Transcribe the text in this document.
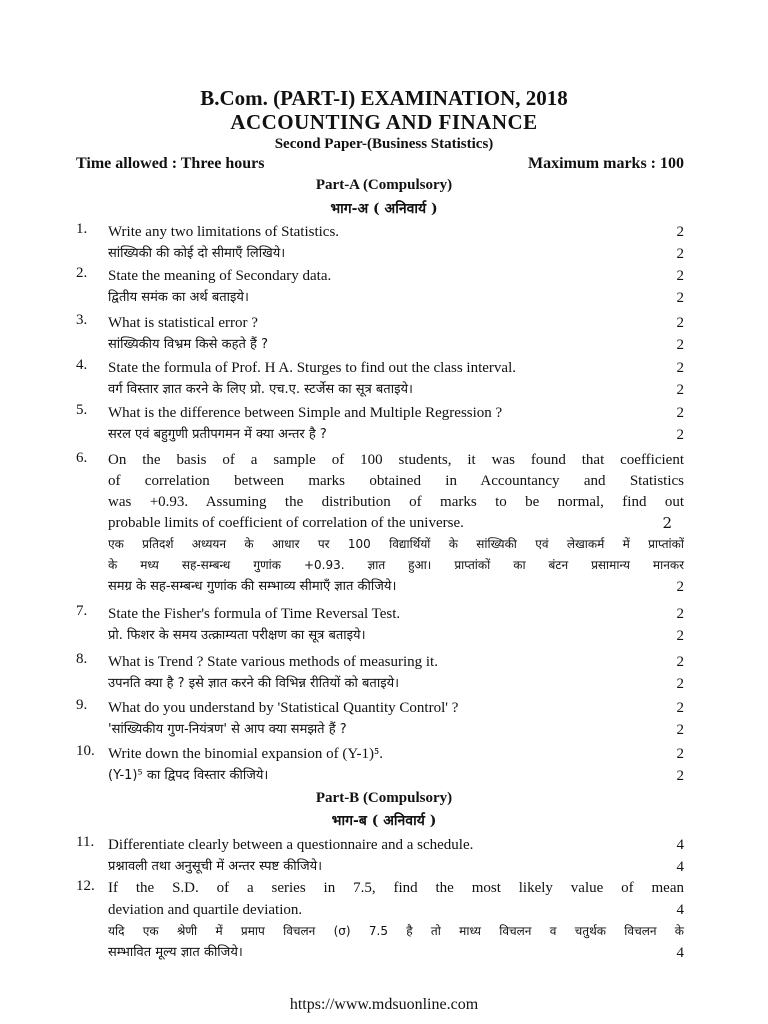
B.Com. (PART-I) EXAMINATION, 2018
ACCOUNTING AND FINANCE
Second Paper-(Business Statistics)
Time allowed : Three hours	Maximum marks : 100
Part-A (Compulsory)
भाग-अ ( अनिवार्य )
1. Write any two limitations of Statistics.	2
सांख्यिकी की कोई दो सीमाएँ लिखिये।	2
2. State the meaning of Secondary data.	2
द्वितीय समंक का अर्थ बताइये।	2
3. What is statistical error ?	2
सांख्यिकीय विभ्रम किसे कहते हैं ?	2
4. State the formula of Prof. H A. Sturges to find out the class interval.	2
वर्ग विस्तार ज्ञात करने के लिए प्रो. एच.ए. स्टर्जेस का सूत्र बताइये।	2
5. What is the difference between Simple and Multiple Regression ?	2
सरल एवं बहुगुणी प्रतीपगमन में क्या अन्तर है ?	2
6. On the basis of a sample of 100 students, it was found that coefficient
of correlation between marks obtained in Accountancy and Statistics
was +0.93. Assuming the distribution of marks to be normal, find out
probable limits of coefficient of correlation of the universe.	2
एक प्रतिदर्श अध्ययन के आधार पर 100 विद्यार्थियों के सांख्यिकी एवं लेखाकर्म में प्राप्तांकों
के मध्य सह-सम्बन्ध गुणांक +0.93. ज्ञात हुआ। प्राप्तांकों का बंटन प्रसामान्य मानकर
समग्र के सह-सम्बन्ध गुणांक की सम्भाव्य सीमाएँ ज्ञात कीजिये।	2
7. State the Fisher's formula of Time Reversal Test.	2
प्रो. फिशर के समय उत्क्राम्यता परीक्षण का सूत्र बताइये।	2
8. What is Trend ? State various methods of measuring it.	2
उपनति क्या है ? इसे ज्ञात करने की विभिन्न रीतियों को बताइये।	2
9. What do you understand by 'Statistical Quantity Control' ?	2
'सांख्यिकीय गुण-नियंत्रण' से आप क्या समझते हैं ?	2
10. Write down the binomial expansion of (Y-1)⁵.	2
(Y-1)⁵ का द्विपद विस्तार कीजिये।	2
Part-B (Compulsory)
भाग-ब ( अनिवार्य )
11. Differentiate clearly between a questionnaire and a schedule.	4
प्रश्नावली तथा अनुसूची में अन्तर स्पष्ट कीजिये।	4
12. If the S.D. of a series in 7.5, find the most likely value of mean
deviation and quartile deviation.	4
यदि एक श्रेणी में प्रमाप विचलन (σ) 7.5 है तो माध्य विचलन व चतुर्थक विचलन के
सम्भावित मूल्य ज्ञात कीजिये।	4
https://www.mdsuonline.com
